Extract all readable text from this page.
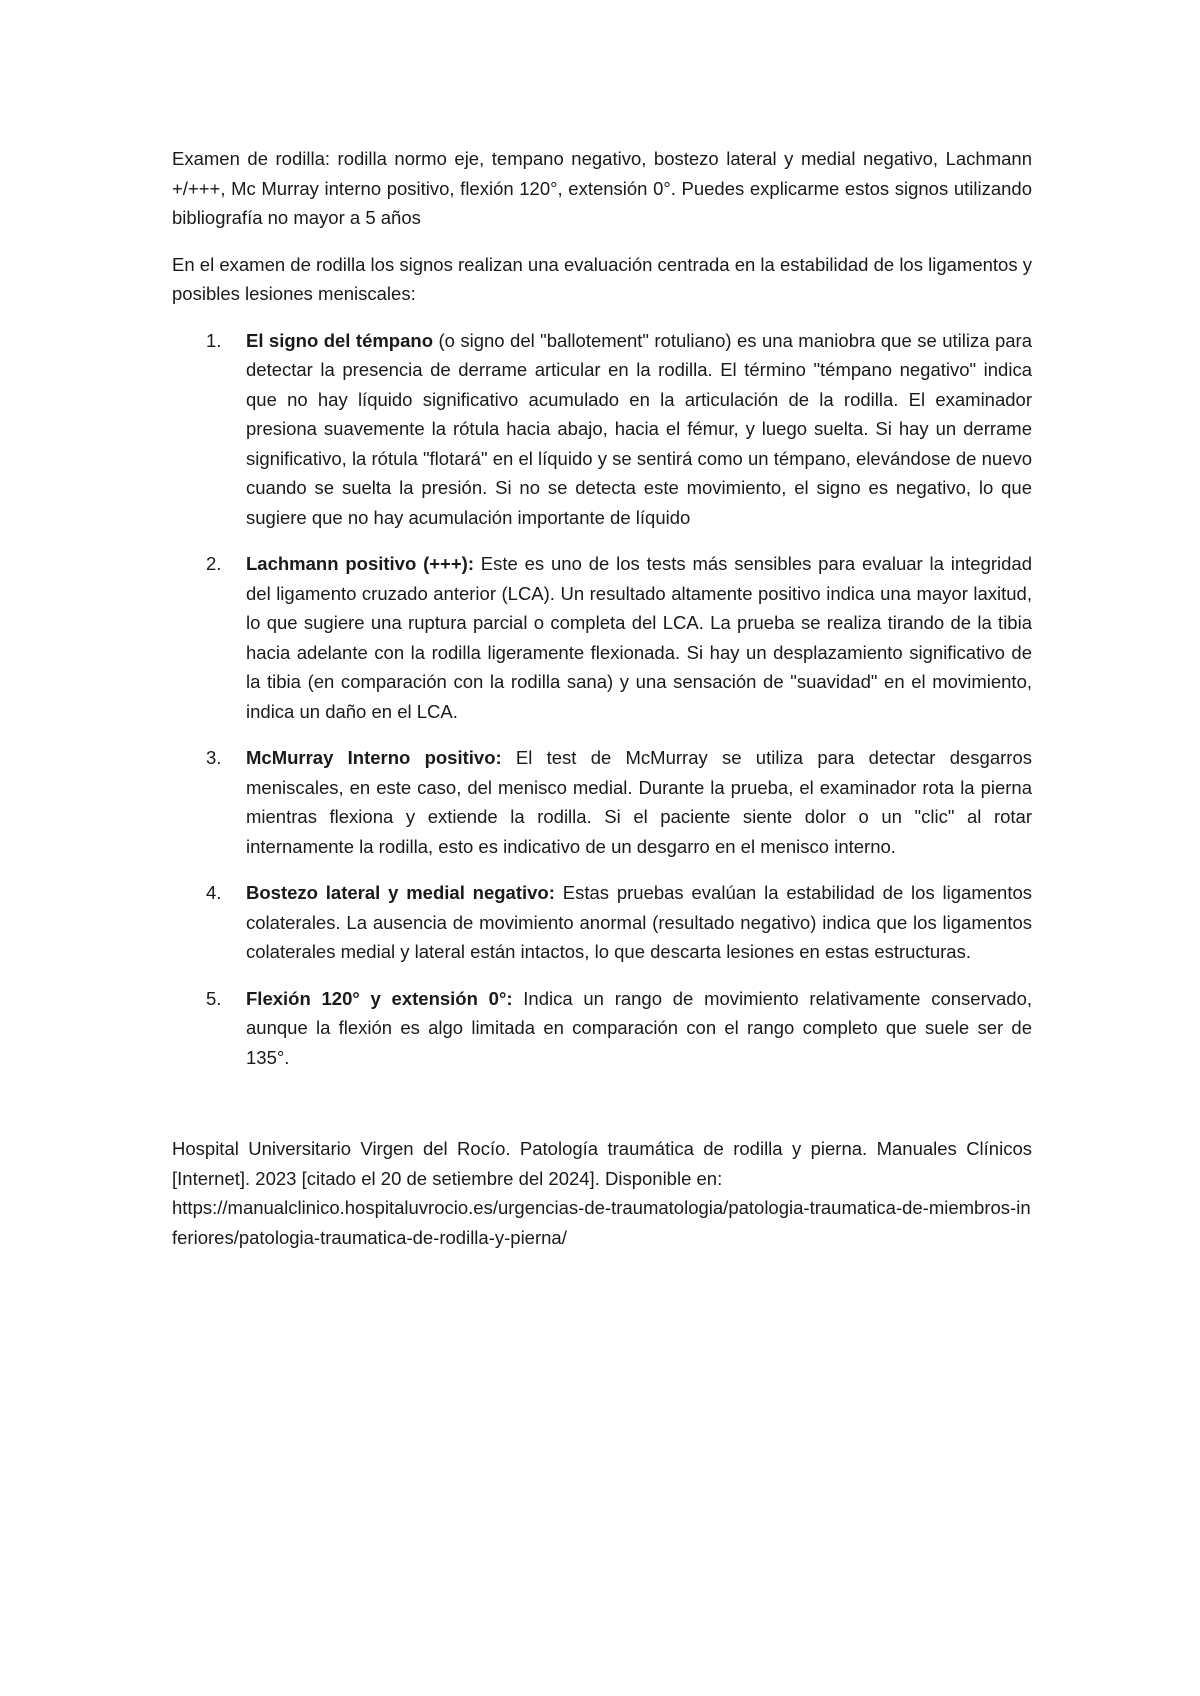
Examen de rodilla: rodilla normo eje, tempano negativo, bostezo lateral y medial negativo, Lachmann +/+++, Mc Murray interno positivo, flexión 120°, extensión 0°. Puedes explicarme estos signos utilizando bibliografía no mayor a 5 años

En el examen de rodilla los signos realizan una evaluación centrada en la estabilidad de los ligamentos y posibles lesiones meniscales:

1. El signo del témpano (o signo del "ballotement" rotuliano) es una maniobra que se utiliza para detectar la presencia de derrame articular en la rodilla. El término "témpano negativo" indica que no hay líquido significativo acumulado en la articulación de la rodilla. El examinador presiona suavemente la rótula hacia abajo, hacia el fémur, y luego suelta. Si hay un derrame significativo, la rótula "flotará" en el líquido y se sentirá como un témpano, elevándose de nuevo cuando se suelta la presión. Si no se detecta este movimiento, el signo es negativo, lo que sugiere que no hay acumulación importante de líquido
2. Lachmann positivo (+++): Este es uno de los tests más sensibles para evaluar la integridad del ligamento cruzado anterior (LCA). Un resultado altamente positivo indica una mayor laxitud, lo que sugiere una ruptura parcial o completa del LCA. La prueba se realiza tirando de la tibia hacia adelante con la rodilla ligeramente flexionada. Si hay un desplazamiento significativo de la tibia (en comparación con la rodilla sana) y una sensación de "suavidad" en el movimiento, indica un daño en el LCA.
3. McMurray Interno positivo: El test de McMurray se utiliza para detectar desgarros meniscales, en este caso, del menisco medial. Durante la prueba, el examinador rota la pierna mientras flexiona y extiende la rodilla. Si el paciente siente dolor o un "clic" al rotar internamente la rodilla, esto es indicativo de un desgarro en el menisco interno.
4. Bostezo lateral y medial negativo: Estas pruebas evalúan la estabilidad de los ligamentos colaterales. La ausencia de movimiento anormal (resultado negativo) indica que los ligamentos colaterales medial y lateral están intactos, lo que descarta lesiones en estas estructuras.
5. Flexión 120° y extensión 0°: Indica un rango de movimiento relativamente conservado, aunque la flexión es algo limitada en comparación con el rango completo que suele ser de 135°.
Hospital Universitario Virgen del Rocío. Patología traumática de rodilla y pierna. Manuales Clínicos [Internet]. 2023 [citado el 20 de setiembre del 2024]. Disponible en:
https://manualclinico.hospitaluvrocio.es/urgencias-de-traumatologia/patologia-traumatica-de-miembros-inferiores/patologia-traumatica-de-rodilla-y-pierna/
